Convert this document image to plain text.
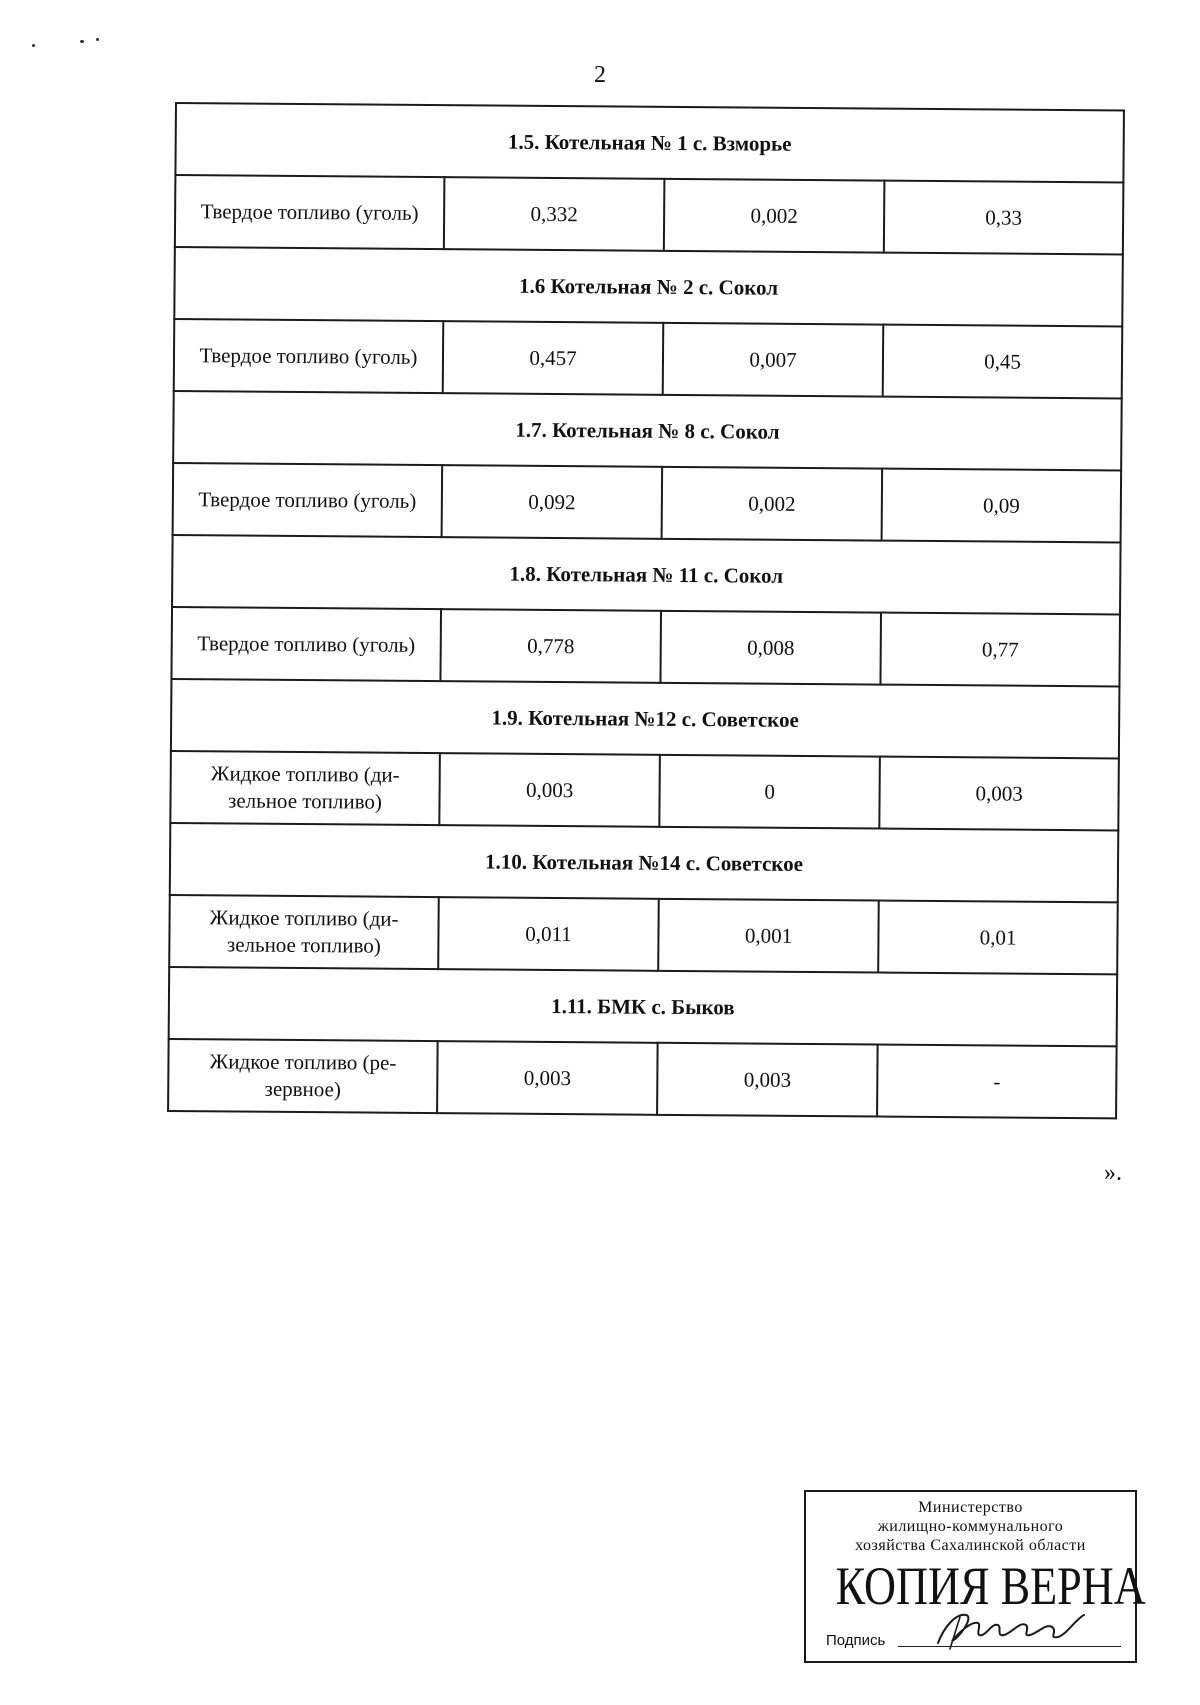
2
1.5. Котельная № 1 с. Взморье			
Твердое топливо (уголь)	0,332	0,002	0,33
1.6 Котельная № 2 с. Сокол			
Твердое топливо (уголь)	0,457	0,007	0,45
1.7. Котельная № 8 с. Сокол			
Твердое топливо (уголь)	0,092	0,002	0,09
1.8. Котельная № 11 с. Сокол			
Твердое топливо (уголь)	0,778	0,008	0,77
1.9. Котельная №12 с. Советское			
Жидкое топливо (ди-
зельное топливо)	0,003	0	0,003
1.10. Котельная №14 с. Советское			
Жидкое топливо (ди-
зельное топливо)	0,011	0,001	0,01
1.11. БМК с. Быков			
Жидкое топливо (ре-
зервное)	0,003	0,003	-
».
Министерство
жилищно-коммунального
хозяйства Сахалинской области
КОПИЯ ВЕРНА
Подпись
